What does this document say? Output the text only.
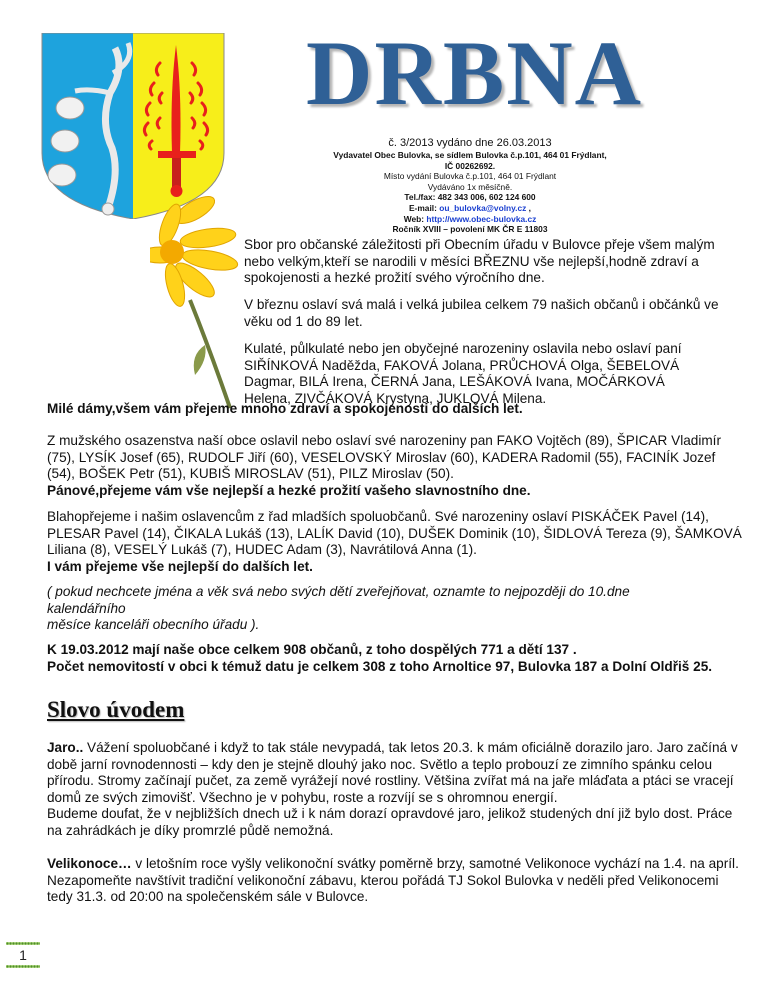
DRBNA
č. 3/2013 vydáno dne 26.03.2013
Vydavatel Obec Bulovka, se sídlem Bulovka č.p.101, 464 01 Frýdlant,
IČ 00262692.
Místo vydání Bulovka č.p.101, 464 01 Frýdlant
Vydáváno 1x měsíčně.
Tel./fax: 482 343 006, 602 124 600
E-mail: ou_bulovka@volny.cz ,
Web: http://www.obec-bulovka.cz
Ročník XVIII – povolení MK ČR E 11803
Sbor pro občanské záležitosti při Obecním úřadu v Bulovce přeje všem malým nebo velkým,kteří se narodili v měsíci BŘEZNU vše nejlepší,hodně zdraví a spokojenosti a hezké prožití svého výročního dne.
V březnu oslaví svá malá i velká jubilea celkem 79 našich občanů i občánků ve věku od 1 do 89 let.
Kulaté, půlkulaté nebo jen obyčejné narozeniny oslavila nebo oslaví paní SIŘÍNKOVÁ Naděžda, FAKOVÁ Jolana, PRŮCHOVÁ Olga, ŠEBELOVÁ Dagmar, BILÁ Irena, ČERNÁ Jana, LEŠÁKOVÁ Ivana, MOČÁRKOVÁ Helena, ZIVČÁKOVÁ Krystyna, JUKLOVÁ Milena.
Milé dámy,všem vám přejeme mnoho zdraví a spokojenosti do dalších let.
Z mužského osazenstva naší obce oslavil nebo oslaví své narozeniny pan FAKO Vojtěch (89), ŠPICAR Vladimír (75), LYSÍK Josef (65), RUDOLF Jiří (60), VESELOVSKÝ Miroslav (60), KADERA Radomil (55), FACINÍK Jozef (54), BOŠEK Petr (51), KUBIŠ MIROSLAV (51), PILZ Miroslav (50).
Pánové,přejeme vám vše nejlepší a hezké prožití vašeho slavnostního dne.
Blahopřejeme i našim oslavencům z řad mladších spoluobčanů. Své narozeniny oslaví PISKÁČEK Pavel (14), PLESAR Pavel (14), ČIKALA Lukáš (13), LALÍK David (10), DUŠEK Dominik (10), ŠIDLOVÁ Tereza (9), ŠAMKOVÁ Liliana (8), VESELÝ Lukáš (7), HUDEC Adam (3), Navrátilová Anna (1).
I vám přejeme vše nejlepší do dalších let.
( pokud nechcete jména a věk svá nebo svých dětí zveřejňovat, oznamte to nejpozději do 10.dne
kalendářního
měsíce kanceláři obecního úřadu ).
K 19.03.2012 mají naše obce celkem 908 občanů, z toho dospělých 771 a dětí 137 .
Počet nemovitostí v obci k témuž datu je celkem 308 z toho Arnoltice 97, Bulovka 187 a Dolní Oldřiš 25.
Slovo úvodem
Jaro.. Vážení spoluobčané i když to tak stále nevypadá, tak letos 20.3. k mám oficiálně dorazilo jaro. Jaro začíná v době jarní rovnodennosti – kdy den je stejně dlouhý jako noc. Světlo a teplo probouzí ze zimního spánku celou přírodu. Stromy začínají pučet, za země vyrážejí nové rostliny. Většina zvířat má na jaře mláďata a ptáci se vracejí domů ze svých zimovišť. Všechno je v pohybu, roste a rozvíjí se s ohromnou energií.
Budeme doufat, že v nejbližších dnech už i k nám dorazí opravdové jaro, jelikož studených dní již bylo dost. Práce na zahrádkách je díky promrzlé půdě nemožná.
Velikonoce… v letošním roce vyšly velikonoční svátky poměrně brzy, samotné Velikonoce vychází na 1.4. na apríl. Nezapomeňte navštívit tradiční velikonoční zábavu, kterou pořádá TJ Sokol Bulovka v neděli před Velikonocemi tedy 31.3. od 20:00 na společenském sále v Bulovce.
1
